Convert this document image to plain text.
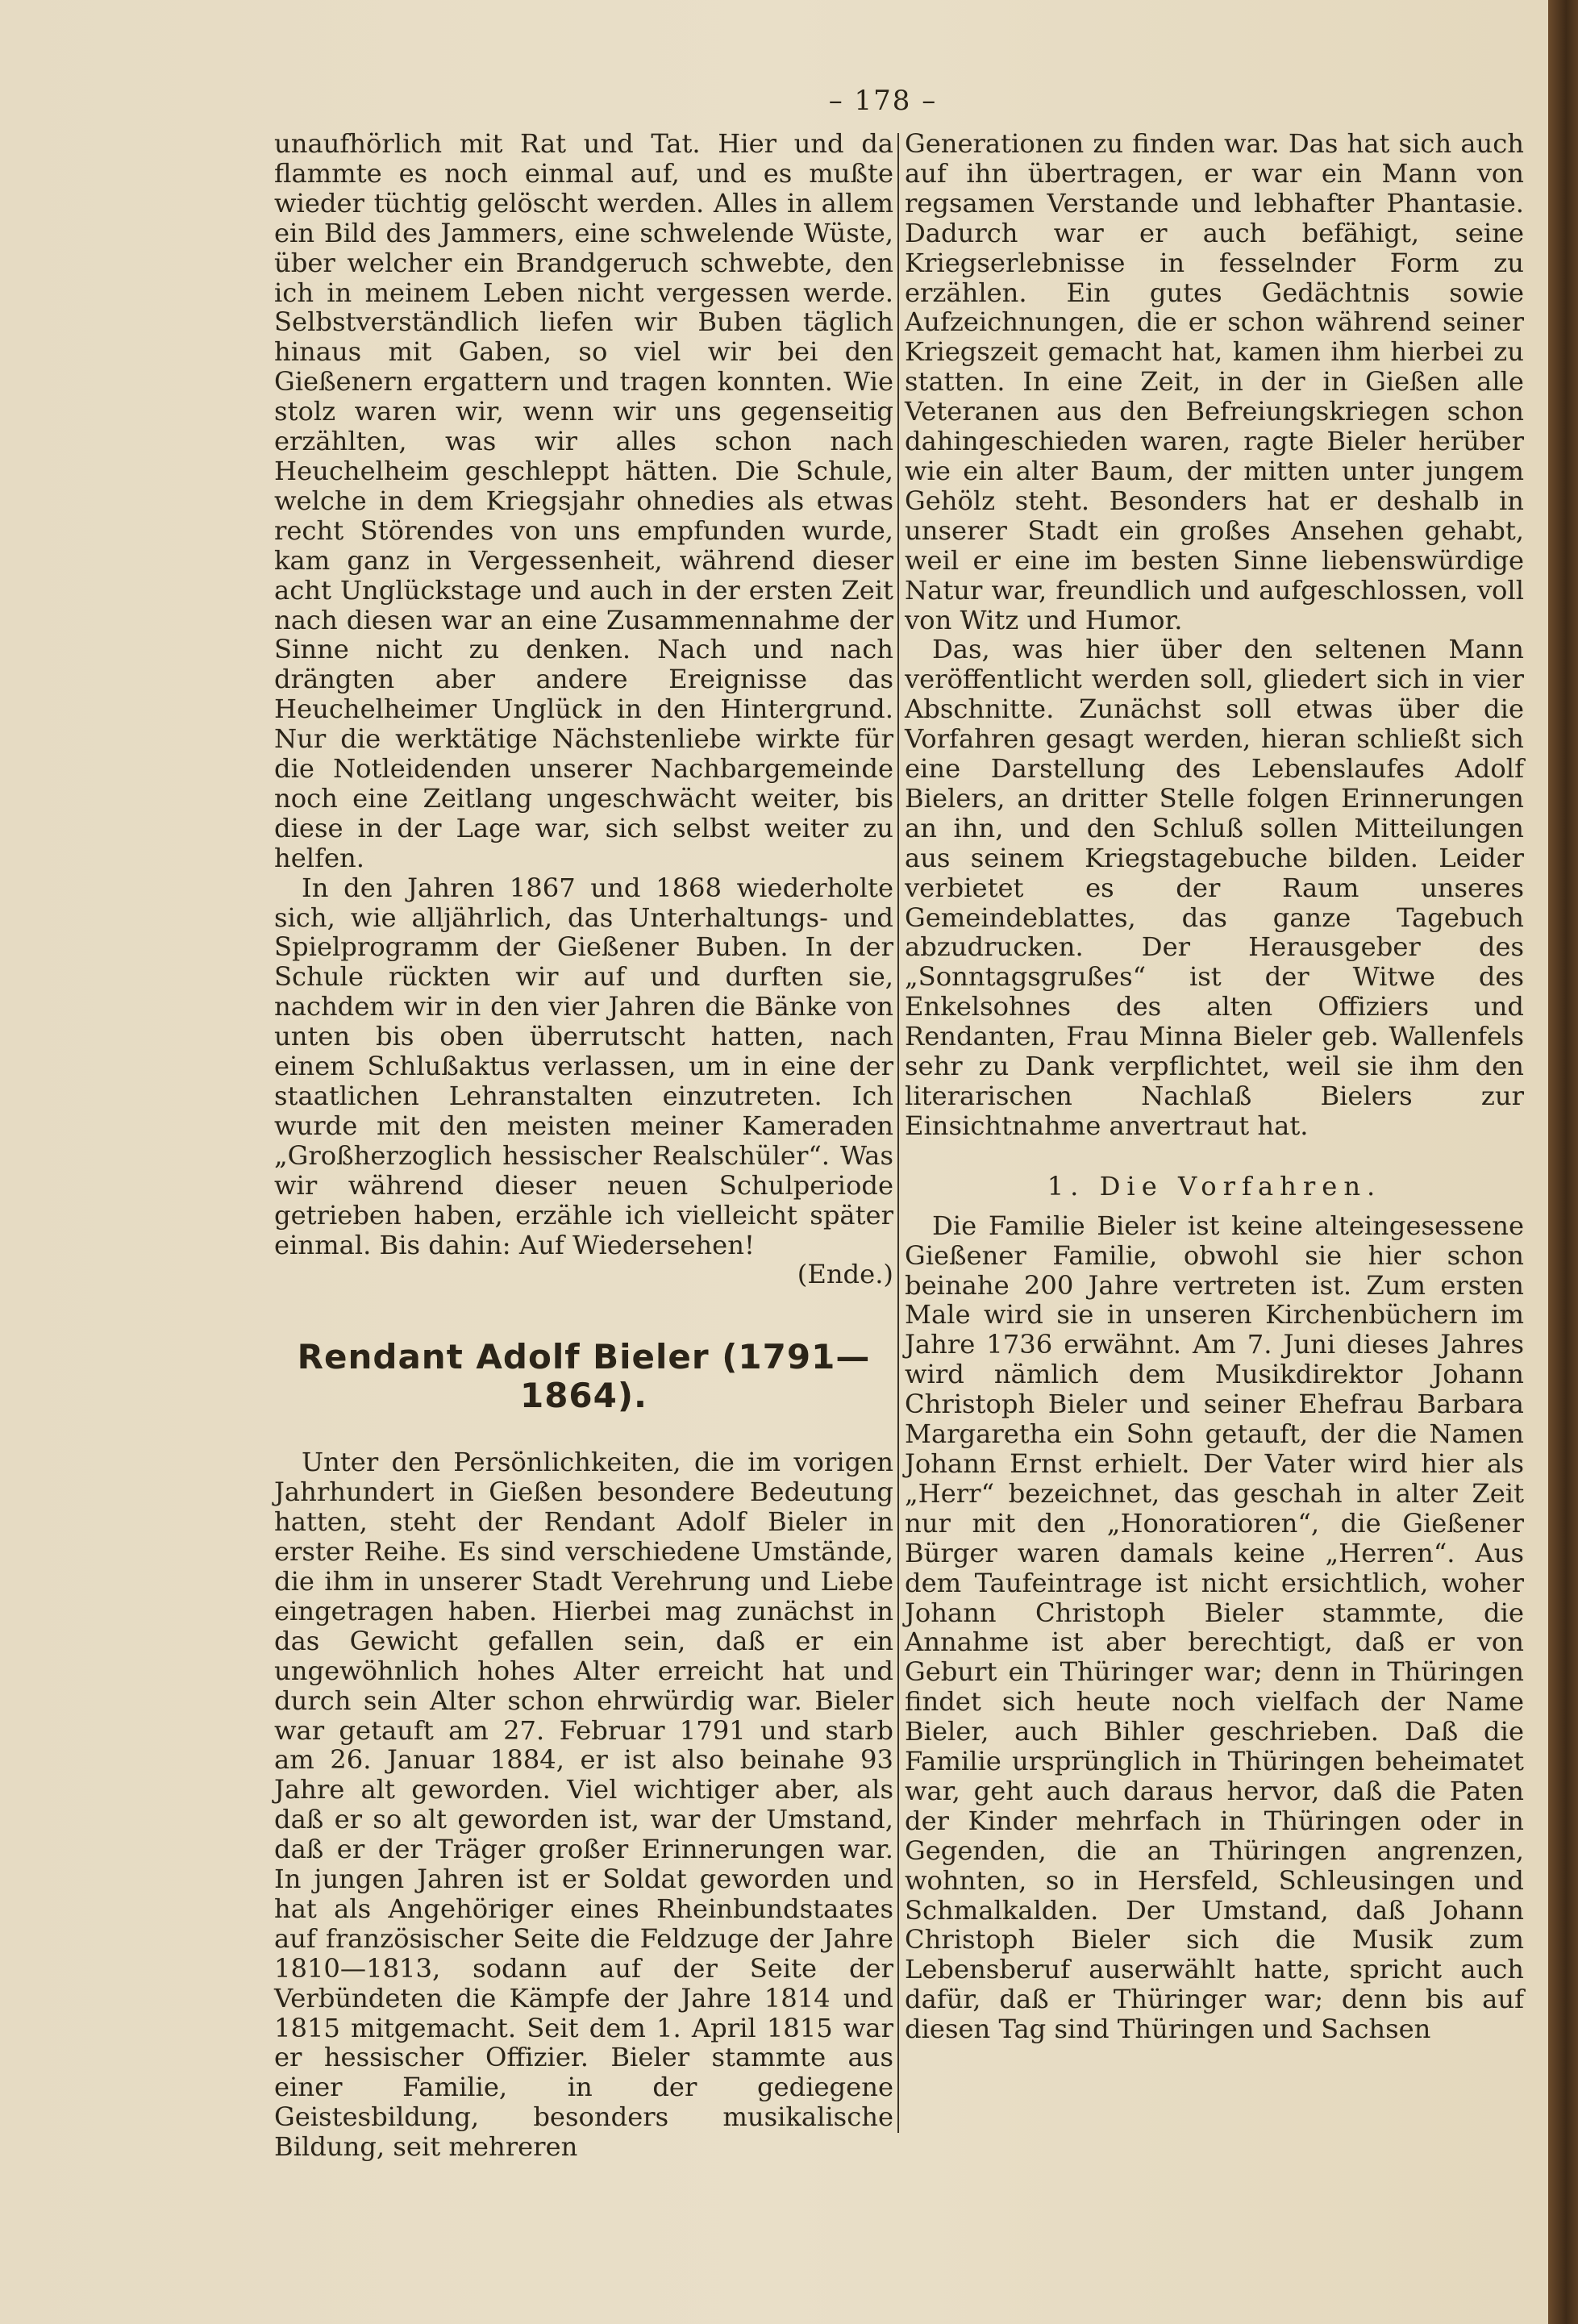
– 178 –

unaufhörlich mit Rat und Tat. Hier und da flammte es noch einmal auf, und es mußte wieder tüchtig gelöscht werden. Alles in allem ein Bild des Jammers, eine schwelende Wüste, über welcher ein Brandgeruch schwebte, den ich in meinem Leben nicht vergessen werde. Selbstverständlich liefen wir Buben täglich hinaus mit Gaben, so viel wir bei den Gießenern ergattern und tragen konnten. Wie stolz waren wir, wenn wir uns gegenseitig erzählten, was wir alles schon nach Heuchelheim geschleppt hätten. Die Schule, welche in dem Kriegsjahr ohnedies als etwas recht Störendes von uns empfunden wurde, kam ganz in Vergessenheit, während dieser acht Unglückstage und auch in der ersten Zeit nach diesen war an eine Zusammennahme der Sinne nicht zu denken. Nach und nach drängten aber andere Ereignisse das Heuchelheimer Unglück in den Hintergrund. Nur die werktätige Nächstenliebe wirkte für die Notleidenden unserer Nachbargemeinde noch eine Zeitlang ungeschwächt weiter, bis diese in der Lage war, sich selbst weiter zu helfen.

In den Jahren 1867 und 1868 wiederholte sich, wie alljährlich, das Unterhaltungs- und Spielprogramm der Gießener Buben. In der Schule rückten wir auf und durften sie, nachdem wir in den vier Jahren die Bänke von unten bis oben überrutscht hatten, nach einem Schlußaktus verlassen, um in eine der staatlichen Lehranstalten einzutreten. Ich wurde mit den meisten meiner Kameraden „Großherzoglich hessischer Realschüler“. Was wir während dieser neuen Schulperiode getrieben haben, erzähle ich vielleicht später einmal. Bis dahin: Auf Wiedersehen!

(Ende.)
Rendant Adolf Bieler (1791—1864).

Unter den Persönlichkeiten, die im vorigen Jahrhundert in Gießen besondere Bedeutung hatten, steht der Rendant Adolf Bieler in erster Reihe. Es sind verschiedene Umstände, die ihm in unserer Stadt Verehrung und Liebe eingetragen haben. Hierbei mag zunächst in das Gewicht gefallen sein, daß er ein ungewöhnlich hohes Alter erreicht hat und durch sein Alter schon ehrwürdig war. Bieler war getauft am 27. Februar 1791 und starb am 26. Januar 1884, er ist also beinahe 93 Jahre alt geworden. Viel wichtiger aber, als daß er so alt geworden ist, war der Umstand, daß er der Träger großer Erinnerungen war. In jungen Jahren ist er Soldat geworden und hat als Angehöriger eines Rheinbundstaates auf französischer Seite die Feldzuge der Jahre 1810—1813, sodann auf der Seite der Verbündeten die Kämpfe der Jahre 1814 und 1815 mitgemacht. Seit dem 1. April 1815 war er hessischer Offizier. Bieler stammte aus einer Familie, in der gediegene Geistesbildung, besonders musikalische Bildung, seit mehreren

Generationen zu finden war. Das hat sich auch auf ihn übertragen, er war ein Mann von regsamen Verstande und lebhafter Phantasie. Dadurch war er auch befähigt, seine Kriegserlebnisse in fesselnder Form zu erzählen. Ein gutes Gedächtnis sowie Aufzeichnungen, die er schon während seiner Kriegszeit gemacht hat, kamen ihm hierbei zu statten. In eine Zeit, in der in Gießen alle Veteranen aus den Befreiungskriegen schon dahingeschieden waren, ragte Bieler herüber wie ein alter Baum, der mitten unter jungem Gehölz steht. Besonders hat er deshalb in unserer Stadt ein großes Ansehen gehabt, weil er eine im besten Sinne liebenswürdige Natur war, freundlich und aufgeschlossen, voll von Witz und Humor.

Das, was hier über den seltenen Mann veröffentlicht werden soll, gliedert sich in vier Abschnitte. Zunächst soll etwas über die Vorfahren gesagt werden, hieran schließt sich eine Darstellung des Lebenslaufes Adolf Bielers, an dritter Stelle folgen Erinnerungen an ihn, und den Schluß sollen Mitteilungen aus seinem Kriegstagebuche bilden. Leider verbietet es der Raum unseres Gemeindeblattes, das ganze Tagebuch abzudrucken. Der Herausgeber des „Sonntagsgrußes“ ist der Witwe des Enkelsohnes des alten Offiziers und Rendanten, Frau Minna Bieler geb. Wallenfels sehr zu Dank verpflichtet, weil sie ihm den literarischen Nachlaß Bielers zur Einsichtnahme anvertraut hat.

1. Die Vorfahren.

Die Familie Bieler ist keine alteingesessene Gießener Familie, obwohl sie hier schon beinahe 200 Jahre vertreten ist. Zum ersten Male wird sie in unseren Kirchenbüchern im Jahre 1736 erwähnt. Am 7. Juni dieses Jahres wird nämlich dem Musikdirektor Johann Christoph Bieler und seiner Ehefrau Barbara Margaretha ein Sohn getauft, der die Namen Johann Ernst erhielt. Der Vater wird hier als „Herr“ bezeichnet, das geschah in alter Zeit nur mit den „Honoratioren“, die Gießener Bürger waren damals keine „Herren“. Aus dem Taufeintrage ist nicht ersichtlich, woher Johann Christoph Bieler stammte, die Annahme ist aber berechtigt, daß er von Geburt ein Thüringer war; denn in Thüringen findet sich heute noch vielfach der Name Bieler, auch Bihler geschrieben. Daß die Familie ursprünglich in Thüringen beheimatet war, geht auch daraus hervor, daß die Paten der Kinder mehrfach in Thüringen oder in Gegenden, die an Thüringen angrenzen, wohnten, so in Hersfeld, Schleusingen und Schmalkalden. Der Umstand, daß Johann Christoph Bieler sich die Musik zum Lebensberuf auserwählt hatte, spricht auch dafür, daß er Thüringer war; denn bis auf diesen Tag sind Thüringen und Sachsen
